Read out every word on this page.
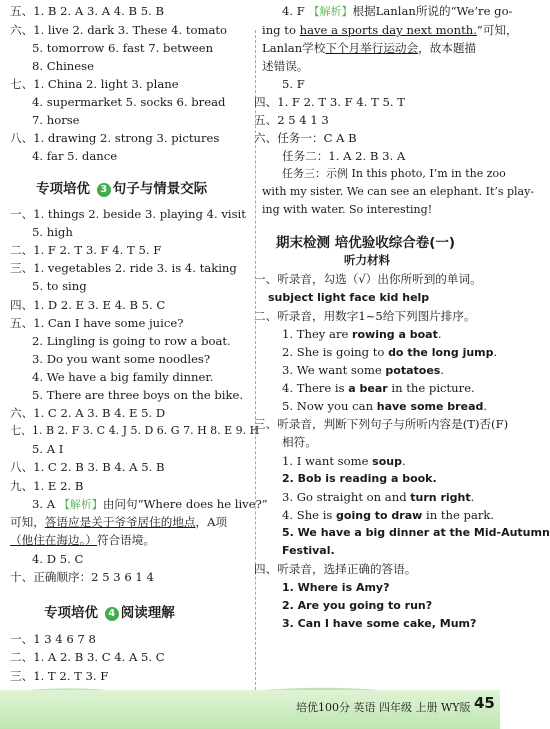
五、1. B 2. A 3. A 4. B 5. B
六、1. live 2. dark 3. These 4. tomato
5. tomorrow 6. fast 7. between
8. Chinese
七、1. China 2. light 3. plane
4. supermarket 5. socks 6. bread
7. horse
八、1. drawing 2. strong 3. pictures
4. far 5. dance
专项培优 3 句子与情景交际
一、1. things 2. beside 3. playing 4. visit
5. high
二、1. F 2. T 3. F 4. T 5. F
三、1. vegetables 2. ride 3. is 4. taking
5. to sing
四、1. D 2. E 3. E 4. B 5. C
五、1. Can I have some juice?
2. Lingling is going to row a boat.
3. Do you want some noodles?
4. We have a big family dinner.
5. There are three boys on the bike.
六、1. C 2. A 3. B 4. E 5. D
七、1. B 2. F 3. C 4. J 5. D 6. G 7. H 8. E 9. H
5. A I
八、1. C 2. B 3. B 4. A 5. B
九、1. E 2. B
3. A 【解析】由问句“Where does he live?”
可知，答语应是关于爷爷居住的地点，A项
（他住在海边。）符合语境。
4. D 5. C
十、正确顺序：2 5 3 6 1 4
专项培优 4 阅读理解
一、1 3 4 6 7 8
二、1. A 2. B 3. C 4. A 5. C
三、1. T 2. T 3. F
4. F 【解析】根据Lanlan所说的“We’re go-
ing to have a sports day next month.”可知，
Lanlan学校下个月举行运动会，故本题描
述错误。
5. F
四、1. F 2. T 3. F 4. T 5. T
五、2 5 4 1 3
六、任务一：C A B
任务二：1. A 2. B 3. A
任务三：示例 In this photo, I’m in the zoo
with my sister. We can see an elephant. It’s play-
ing with water. So interesting!
期末检测 培优验收综合卷(一)
听力材料
一、听录音，勾选（√）出你所听到的单词。
subject light face kid help
二、听录音，用数字1~5给下列图片排序。
1. They are rowing a boat.
2. She is going to do the long jump.
3. We want some potatoes.
4. There is a bear in the picture.
5. Now you can have some bread.
三、听录音，判断下列句子与所听内容是(T)否(F)
相符。
1. I want some soup.
2. Bob is reading a book.
3. Go straight on and turn right.
4. She is going to draw in the park.
5. We have a big dinner at the Mid-Autumn
Festival.
四、听录音，选择正确的答语。
1. Where is Amy?
2. Are you going to run?
3. Can I have some cake, Mum?
培优100分 英语 四年级 上册 WY版 45
